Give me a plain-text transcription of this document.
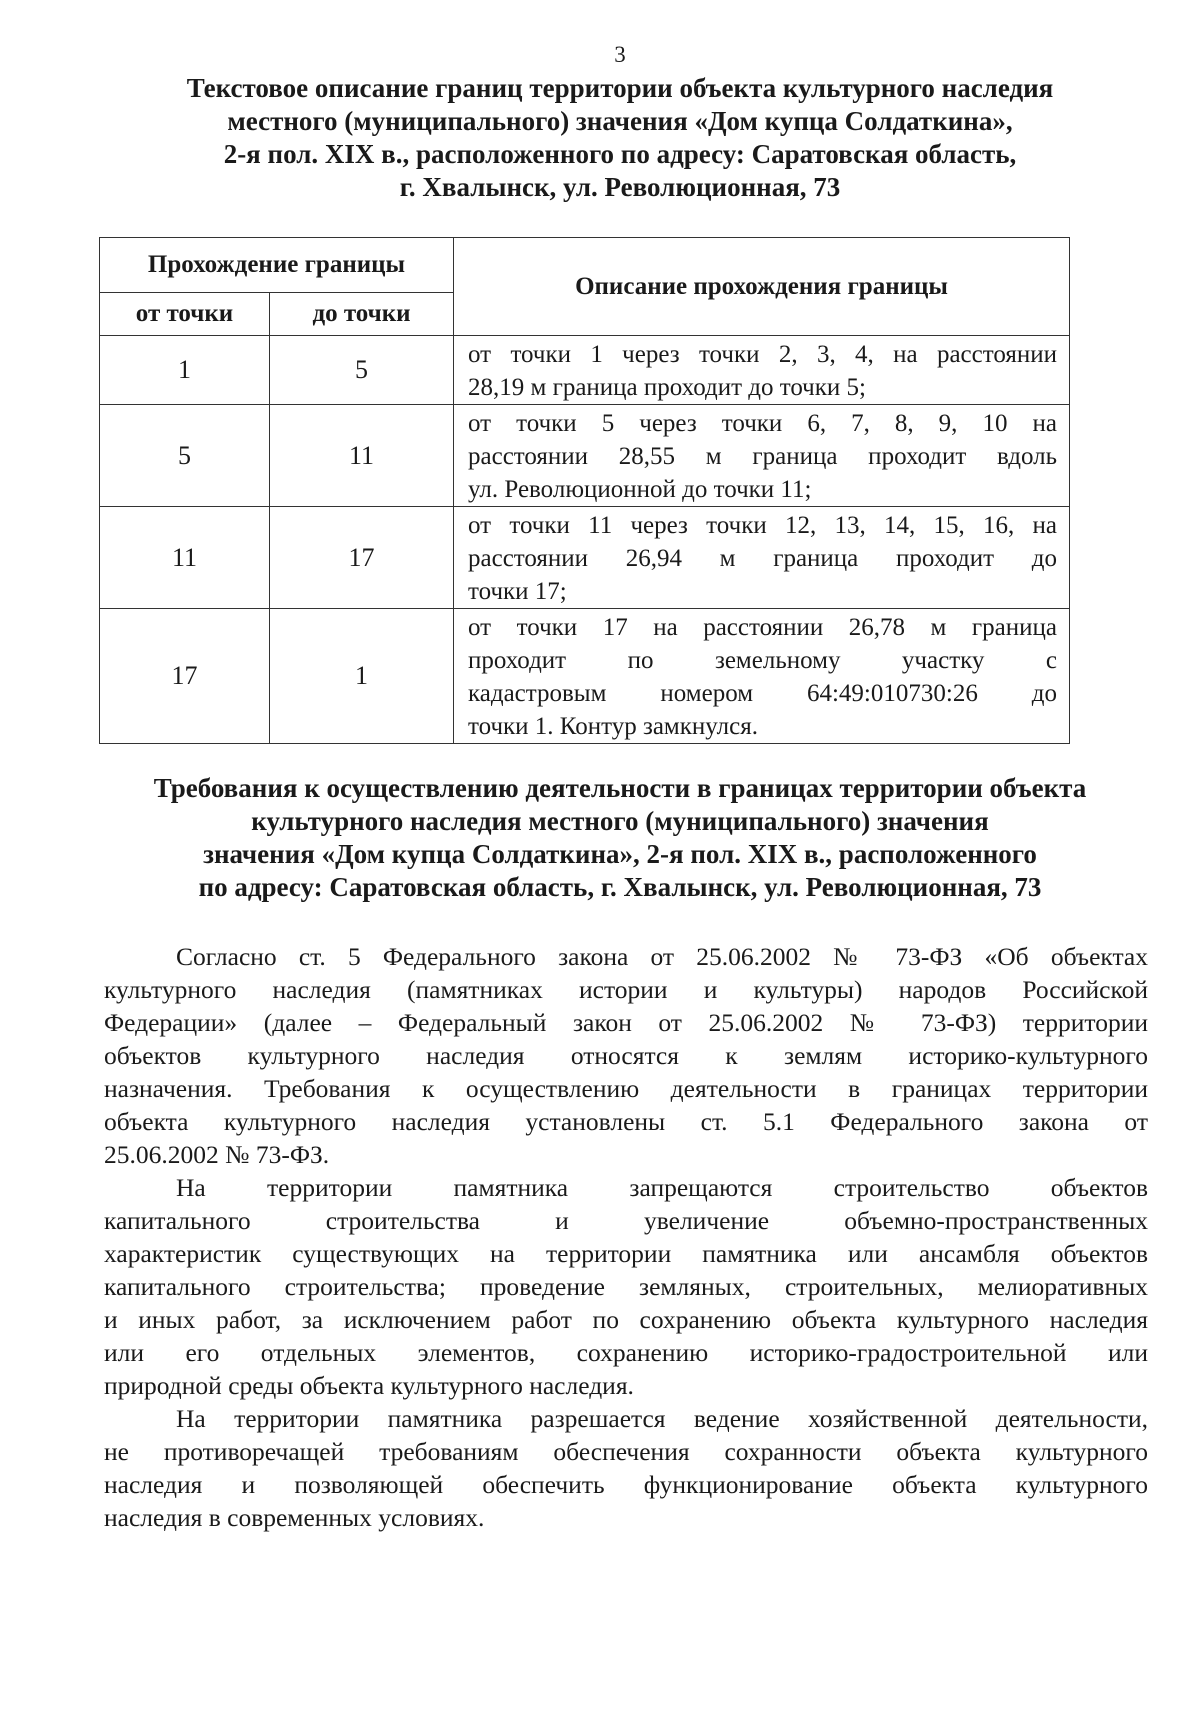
3
Текстовое описание границ территории объекта культурного наследия
местного (муниципального) значения «Дом купца Солдаткина»,
2-я пол. XIX в., расположенного по адресу: Саратовская область,
г. Хвалынск, ул. Революционная, 73
Прохождение границы		Описание прохождения границы
от точки	до точки	
1	5	от точки 1 через точки 2, 3, 4, на расстоянии
28,19 м граница проходит до точки 5;

5	11	от точки 5 через точки 6, 7, 8, 9, 10 на
расстоянии 28,55 м граница проходит вдоль
ул. Революционной до точки 11;

11	17	от точки 11 через точки 12, 13, 14, 15, 16, на
расстоянии 26,94 м граница проходит до
точки 17;

17	1	от точки 17 на расстоянии 26,78 м граница
проходит по земельному участку с
кадастровым номером 64:49:010730:26 до
точки 1. Контур замкнулся.
Требования к осуществлению деятельности в границах территории объекта
культурного наследия местного (муниципального) значения
значения «Дом купца Солдаткина», 2-я пол. XIX в., расположенного
по адресу: Саратовская область, г. Хвалынск, ул. Революционная, 73
Согласно ст. 5 Федерального закона от 25.06.2002 № 73-ФЗ «Об объектах
культурного наследия (памятниках истории и культуры) народов Российской
Федерации» (далее – Федеральный закон от 25.06.2002 № 73-ФЗ) территории
объектов культурного наследия относятся к землям историко-культурного
назначения. Требования к осуществлению деятельности в границах территории
объекта культурного наследия установлены ст. 5.1 Федерального закона от
25.06.2002 № 73-ФЗ.
На территории памятника запрещаются строительство объектов
капитального строительства и увеличение объемно-пространственных
характеристик существующих на территории памятника или ансамбля объектов
капитального строительства; проведение земляных, строительных, мелиоративных
и иных работ, за исключением работ по сохранению объекта культурного наследия
или его отдельных элементов, сохранению историко-градостроительной или
природной среды объекта культурного наследия.
На территории памятника разрешается ведение хозяйственной деятельности,
не противоречащей требованиям обеспечения сохранности объекта культурного
наследия и позволяющей обеспечить функционирование объекта культурного
наследия в современных условиях.
